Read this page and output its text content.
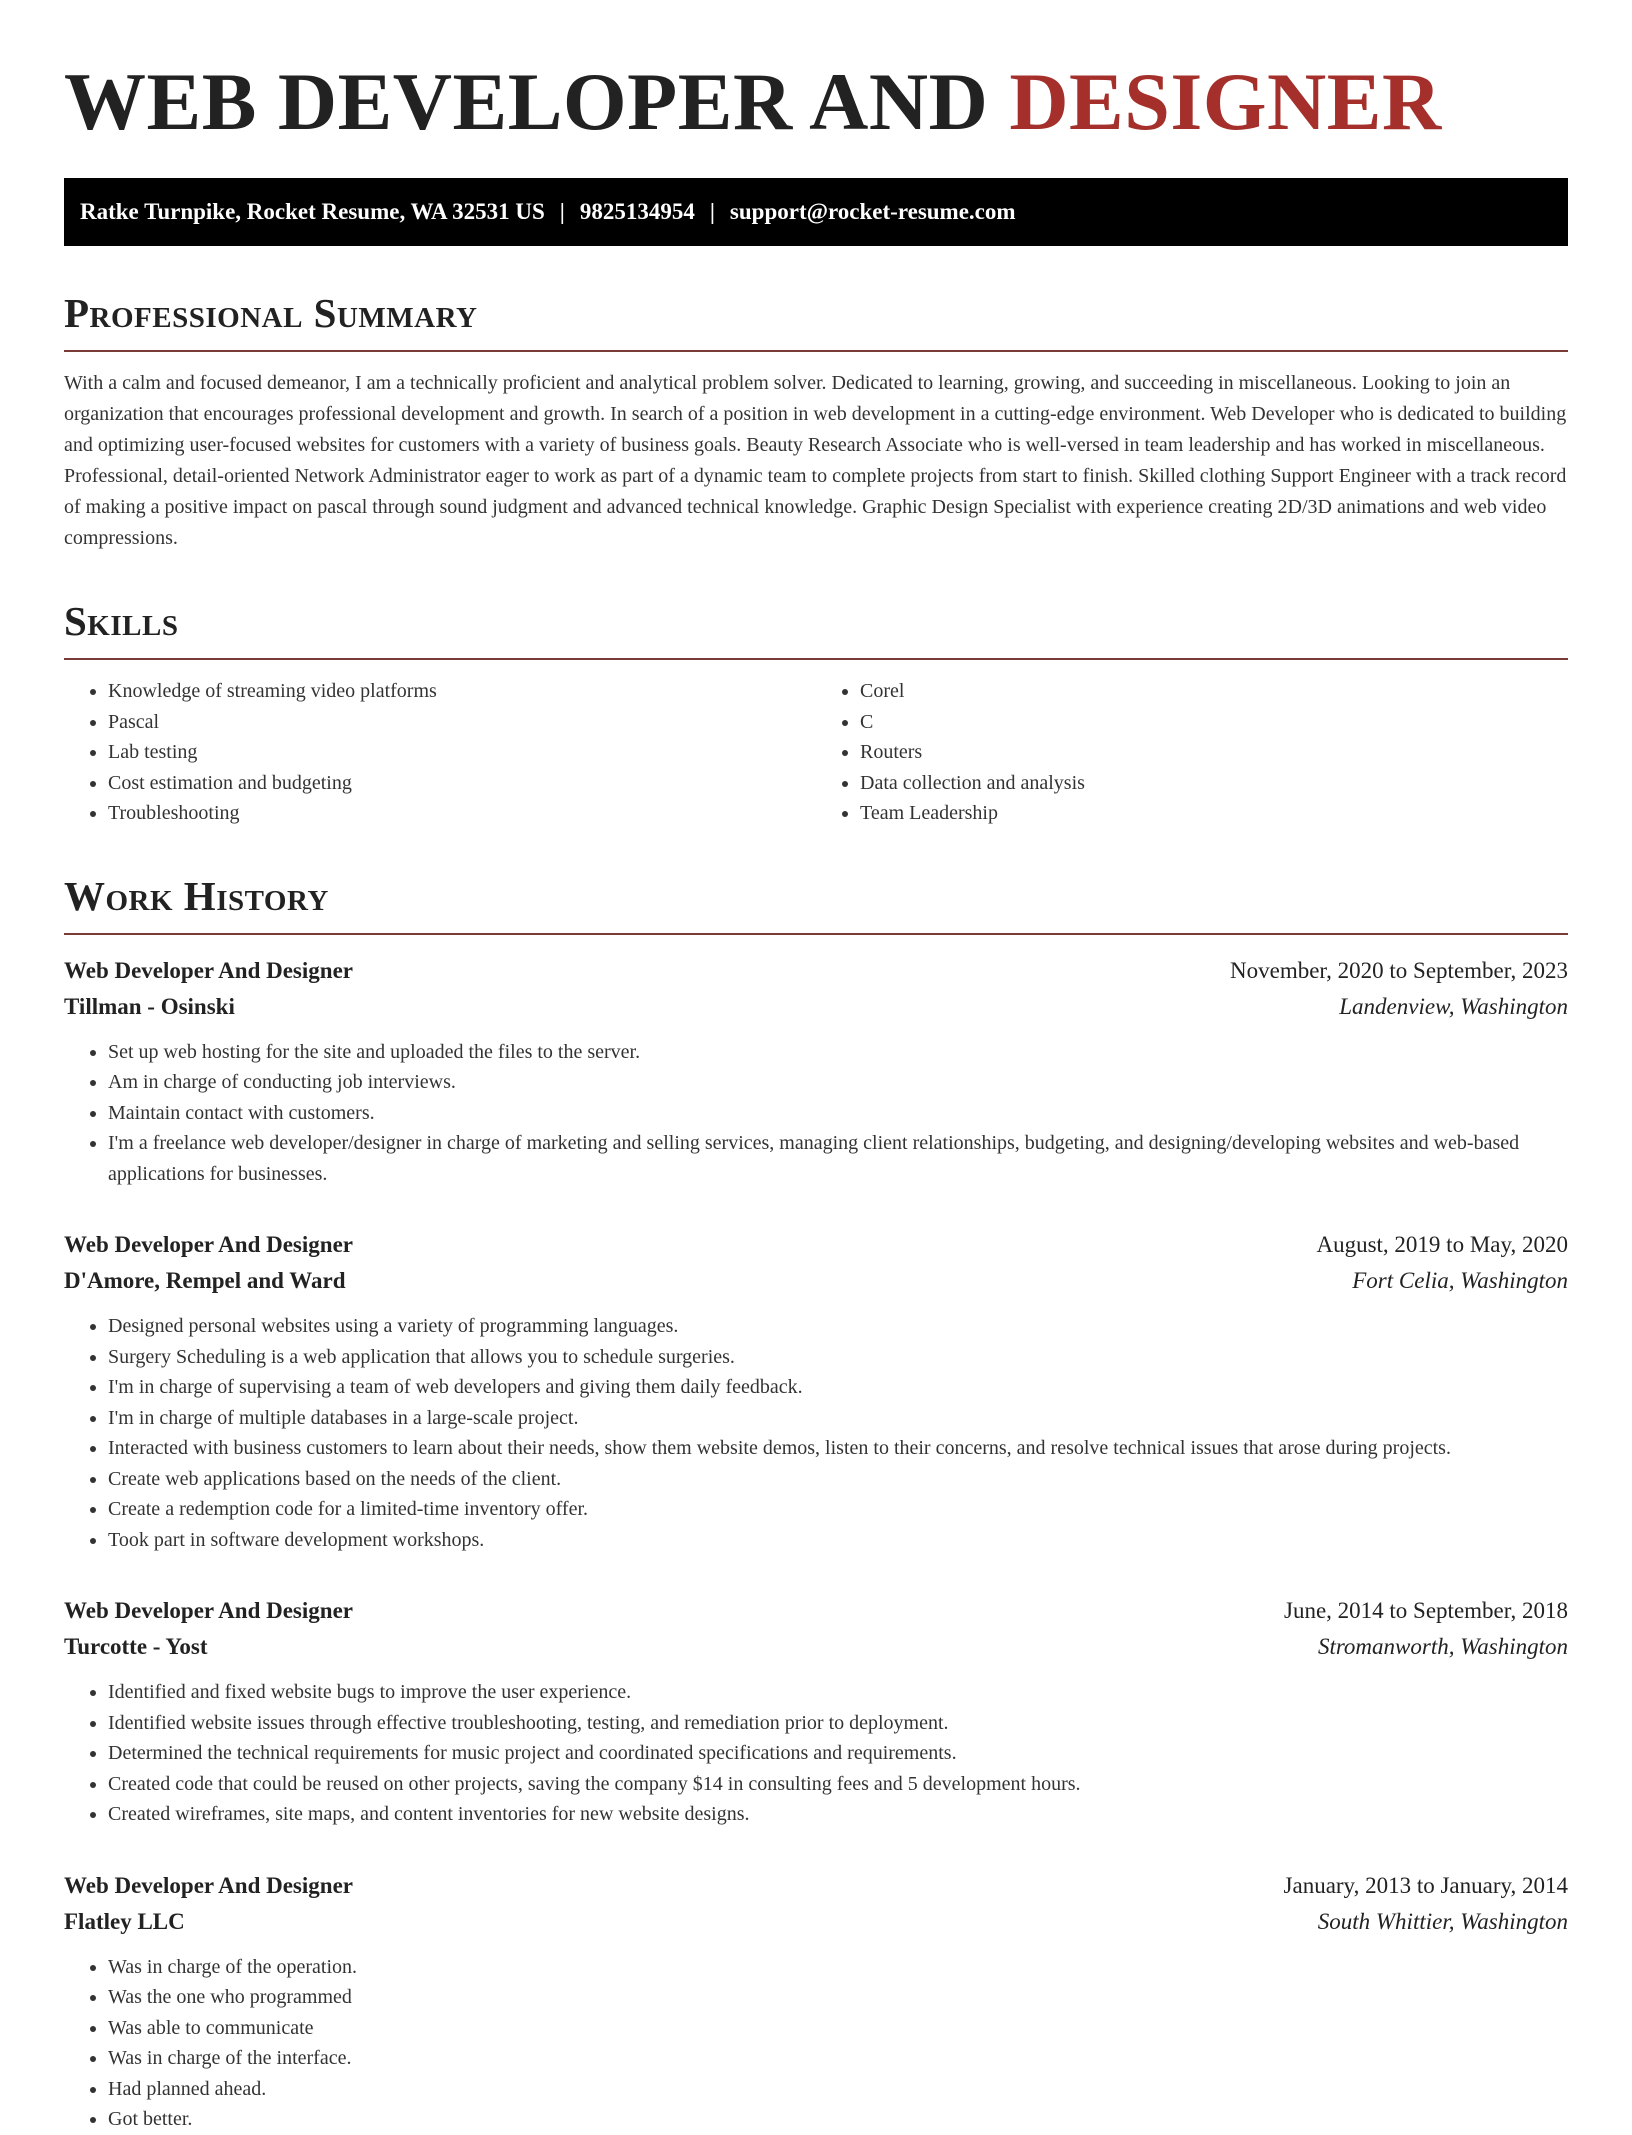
WEB DEVELOPER AND DESIGNER
Ratke Turnpike, Rocket Resume, WA 32531 US | 9825134954 | support@rocket-resume.com
Professional Summary

With a calm and focused demeanor, I am a technically proficient and analytical problem solver. Dedicated to learning, growing, and succeeding in miscellaneous. Looking to join an organization that encourages professional development and growth. In search of a position in web development in a cutting-edge environment. Web Developer who is dedicated to building and optimizing user-focused websites for customers with a variety of business goals. Beauty Research Associate who is well-versed in team leadership and has worked in miscellaneous. Professional, detail-oriented Network Administrator eager to work as part of a dynamic team to complete projects from start to finish. Skilled clothing Support Engineer with a track record of making a positive impact on pascal through sound judgment and advanced technical knowledge. Graphic Design Specialist with experience creating 2D/3D animations and web video compressions.

Skills
• Knowledge of streaming video platforms
• Pascal
• Lab testing
• Cost estimation and budgeting
• Troubleshooting
• Corel
• C
• Routers
• Data collection and analysis
• Team Leadership
Work History
Web Developer And Designer	November, 2020 to September, 2023
Tillman - Osinski	Landenview, Washington
• Set up web hosting for the site and uploaded the files to the server.
• Am in charge of conducting job interviews.
• Maintain contact with customers.
• I'm a freelance web developer/designer in charge of marketing and selling services, managing client relationships, budgeting, and designing/developing websites and web-based applications for businesses.
Web Developer And Designer	August, 2019 to May, 2020
D'Amore, Rempel and Ward	Fort Celia, Washington
• Designed personal websites using a variety of programming languages.
• Surgery Scheduling is a web application that allows you to schedule surgeries.
• I'm in charge of supervising a team of web developers and giving them daily feedback.
• I'm in charge of multiple databases in a large-scale project.
• Interacted with business customers to learn about their needs, show them website demos, listen to their concerns, and resolve technical issues that arose during projects.
• Create web applications based on the needs of the client.
• Create a redemption code for a limited-time inventory offer.
• Took part in software development workshops.
Web Developer And Designer	June, 2014 to September, 2018
Turcotte - Yost	Stromanworth, Washington
• Identified and fixed website bugs to improve the user experience.
• Identified website issues through effective troubleshooting, testing, and remediation prior to deployment.
• Determined the technical requirements for music project and coordinated specifications and requirements.
• Created code that could be reused on other projects, saving the company $14 in consulting fees and 5 development hours.
• Created wireframes, site maps, and content inventories for new website designs.
Web Developer And Designer	January, 2013 to January, 2014
Flatley LLC	South Whittier, Washington
• Was in charge of the operation.
• Was the one who programmed
• Was able to communicate
• Was in charge of the interface.
• Had planned ahead.
• Got better.
